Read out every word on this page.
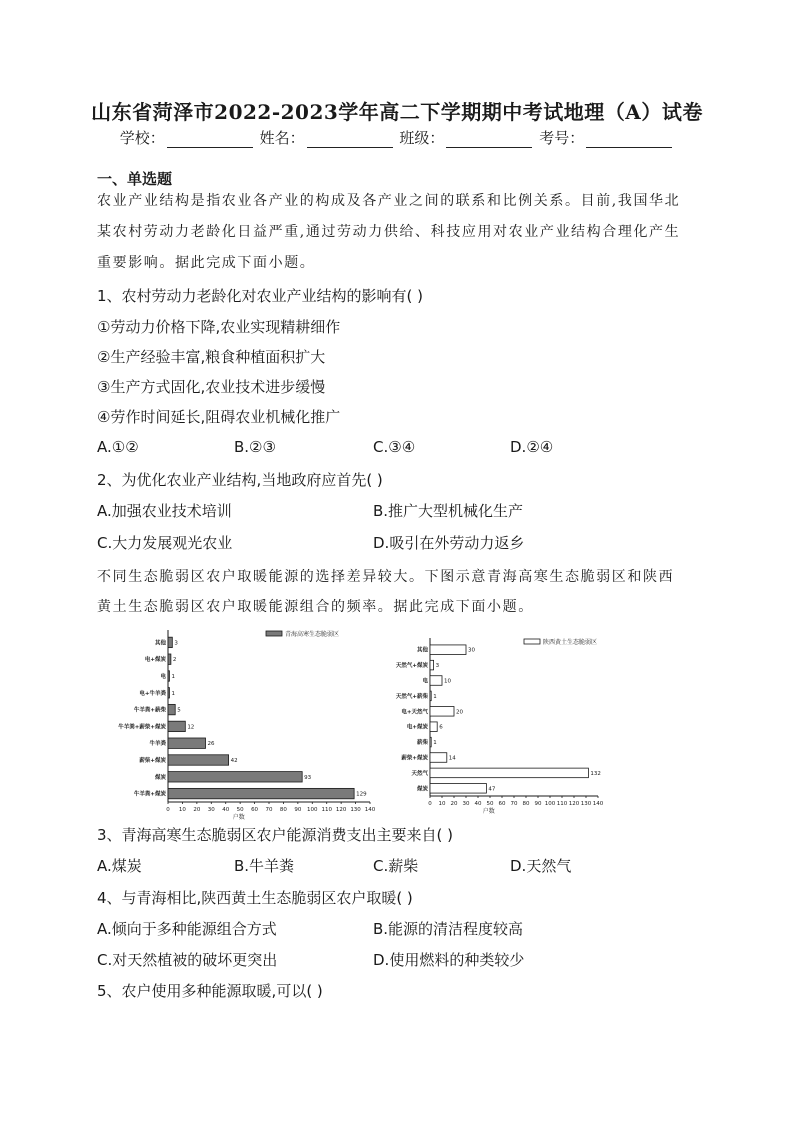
山东省菏泽市2022-2023学年高二下学期期中考试地理（A）试卷
学校：	姓名：	班级：	考号：
一、单选题
农业产业结构是指农业各产业的构成及各产业之间的联系和比例关系。目前,我国华北
某农村劳动力老龄化日益严重,通过劳动力供给、科技应用对农业产业结构合理化产生
重要影响。据此完成下面小题。
1、农村劳动力老龄化对农业产业结构的影响有( )
①劳动力价格下降,农业实现精耕细作
②生产经验丰富,粮食种植面积扩大
③生产方式固化,农业技术进步缓慢
④劳作时间延长,阻碍农业机械化推广
A.①②	B.②③	C.③④	D.②④
2、为优化农业产业结构,当地政府应首先( )
A.加强农业技术培训	B.推广大型机械化生产
C.大力发展观光农业	D.吸引在外劳动力返乡
不同生态脆弱区农户取暖能源的选择差异较大。下图示意青海高寒生态脆弱区和陕西
黄土生态脆弱区农户取暖能源组合的频率。据此完成下面小题。
0 10 20 30 40 50 60 70 80 90 100 110 120 130 140
户数
其他 3
电+煤炭 2
电 1
电+牛羊粪 1
牛羊粪+薪柴 5
牛羊粪+薪柴+煤炭	12
牛羊粪	26
薪柴+煤炭	42
煤炭	93
牛羊粪+煤炭	129
青海高寒生态脆弱区
0 10 20 30 40 50 60 70 80 90 100 110 120 130 140
户数
其他	30
天然气+煤炭 3
电	10
天然气+薪柴 1
电+天然气	20
电+煤炭 6
薪柴 1
薪柴+煤炭	14
天然气	132
煤炭	47
陕西黄土生态脆弱区
3、青海高寒生态脆弱区农户能源消费支出主要来自( )
A.煤炭	B.牛羊粪	C.薪柴	D.天然气
4、与青海相比,陕西黄土生态脆弱区农户取暖( )
A.倾向于多种能源组合方式	B.能源的清洁程度较高
C.对天然植被的破坏更突出	D.使用燃料的种类较少
5、农户使用多种能源取暖,可以( )
